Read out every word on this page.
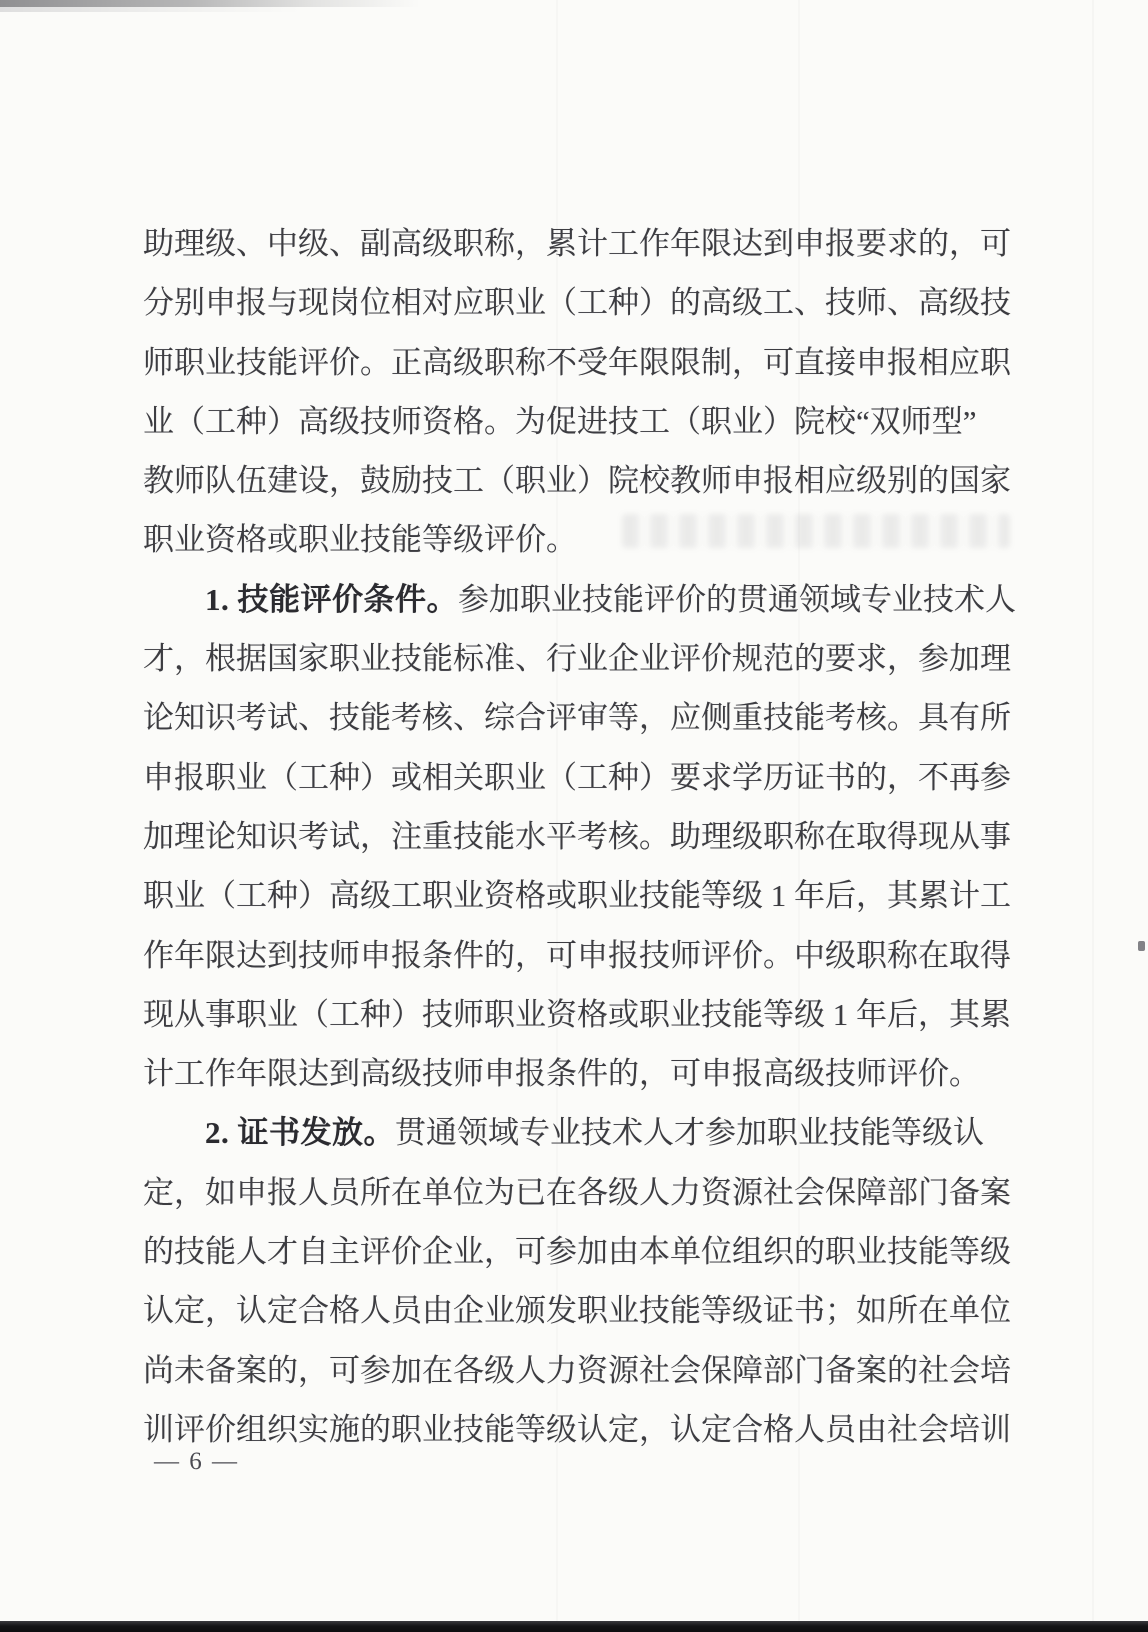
助理级、中级、副高级职称，累计工作年限达到申报要求的，可
分别申报与现岗位相对应职业（工种）的高级工、技师、高级技
师职业技能评价。正高级职称不受年限限制，可直接申报相应职
业（工种）高级技师资格。为促进技工（职业）院校“双师型”
教师队伍建设，鼓励技工（职业）院校教师申报相应级别的国家
职业资格或职业技能等级评价。
1. 技能评价条件。参加职业技能评价的贯通领域专业技术人
才，根据国家职业技能标准、行业企业评价规范的要求，参加理
论知识考试、技能考核、综合评审等，应侧重技能考核。具有所
申报职业（工种）或相关职业（工种）要求学历证书的，不再参
加理论知识考试，注重技能水平考核。助理级职称在取得现从事
职业（工种）高级工职业资格或职业技能等级 1 年后，其累计工
作年限达到技师申报条件的，可申报技师评价。中级职称在取得
现从事职业（工种）技师职业资格或职业技能等级 1 年后，其累
计工作年限达到高级技师申报条件的，可申报高级技师评价。
2. 证书发放。贯通领域专业技术人才参加职业技能等级认
定，如申报人员所在单位为已在各级人力资源社会保障部门备案
的技能人才自主评价企业，可参加由本单位组织的职业技能等级
认定，认定合格人员由企业颁发职业技能等级证书；如所在单位
尚未备案的，可参加在各级人力资源社会保障部门备案的社会培
训评价组织实施的职业技能等级认定，认定合格人员由社会培训
— 6 —
